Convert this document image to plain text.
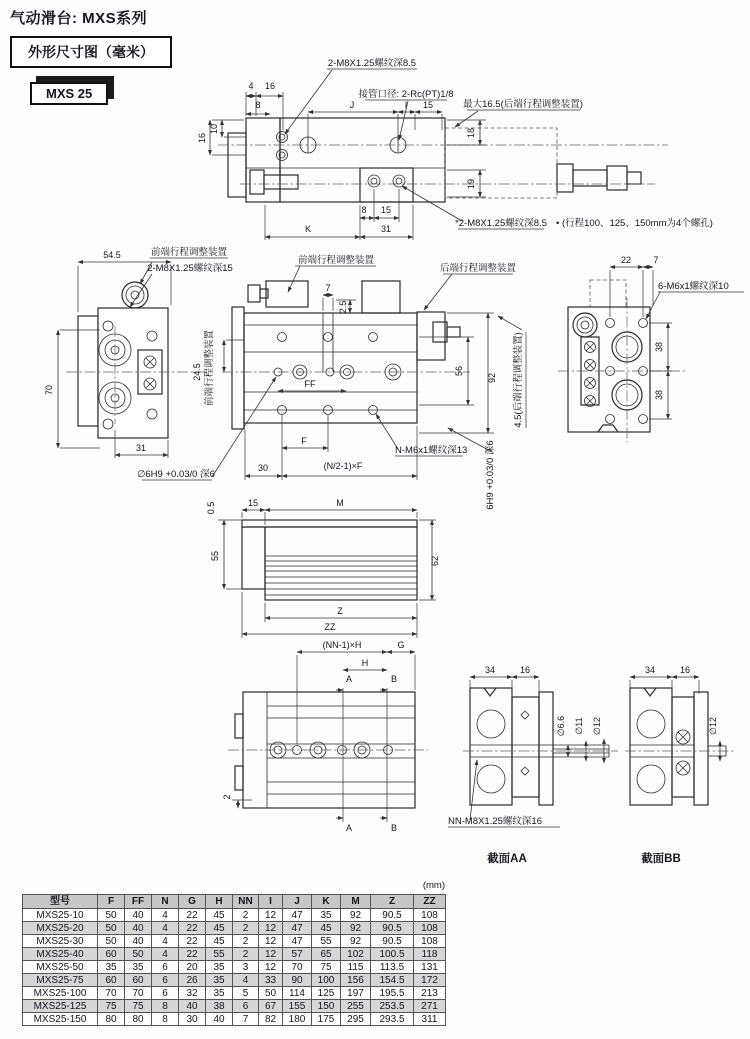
气动滑台: MXS系列
外形尺寸图（毫米）
MXS 25
2-M8X1.25螺纹深8.5
接管口径: 2-Rc(PT)1/8
最大16.5(后端行程调整装置)
*2-M8X1.25螺纹深8.5 • (行程100、125、150mm为4个螺孔)
4 16
8	J	I 15
18
19
10
16
8 15
K	31
54.5	前端行程调整装置
2-M8X1.25螺纹深15
70
31
前端行程调整装置
后端行程调整装置
7
2.5
24.5 前端行程调整装置	FF
F
30	(N/2-1)×F
N-M6x1螺纹深13
56
92 4.5(后端行程调整装置)
∅6H9 +0.03/0 深6	6H9 +0.03/0 深6
22 7
6-M6x1螺纹深10
38
38
0.5	15	M
55	62
Z
ZZ
(NN-1)×H	G
H
A	B
A	B
2
NN-M8X1.25螺纹深16
34	16
∅6.6 ∅11 ∅12
截面AA
34	16
∅12
截面BB
(mm)
型号	F	FF	N	G	H	NN	I	J	K	M	Z	ZZ
MXS25-10	50	40	4	22	45	2	12	47	35	92	90.5	108
MXS25-20	50	40	4	22	45	2	12	47	45	92	90.5	108
MXS25-30	50	40	4	22	45	2	12	47	55	92	90.5	108
MXS25-40	60	50	4	22	55	2	12	57	65	102	100.5	118
MXS25-50	35	35	6	20	35	3	12	70	75	115	113.5	131
MXS25-75	60	60	6	26	35	4	33	90	100	156	154.5	172
MXS25-100	70	70	6	32	35	5	50	114	125	197	195.5	213
MXS25-125	75	75	8	40	38	6	67	155	150	255	253.5	271
MXS25-150	80	80	8	30	40	7	82	180	175	295	293.5	311
